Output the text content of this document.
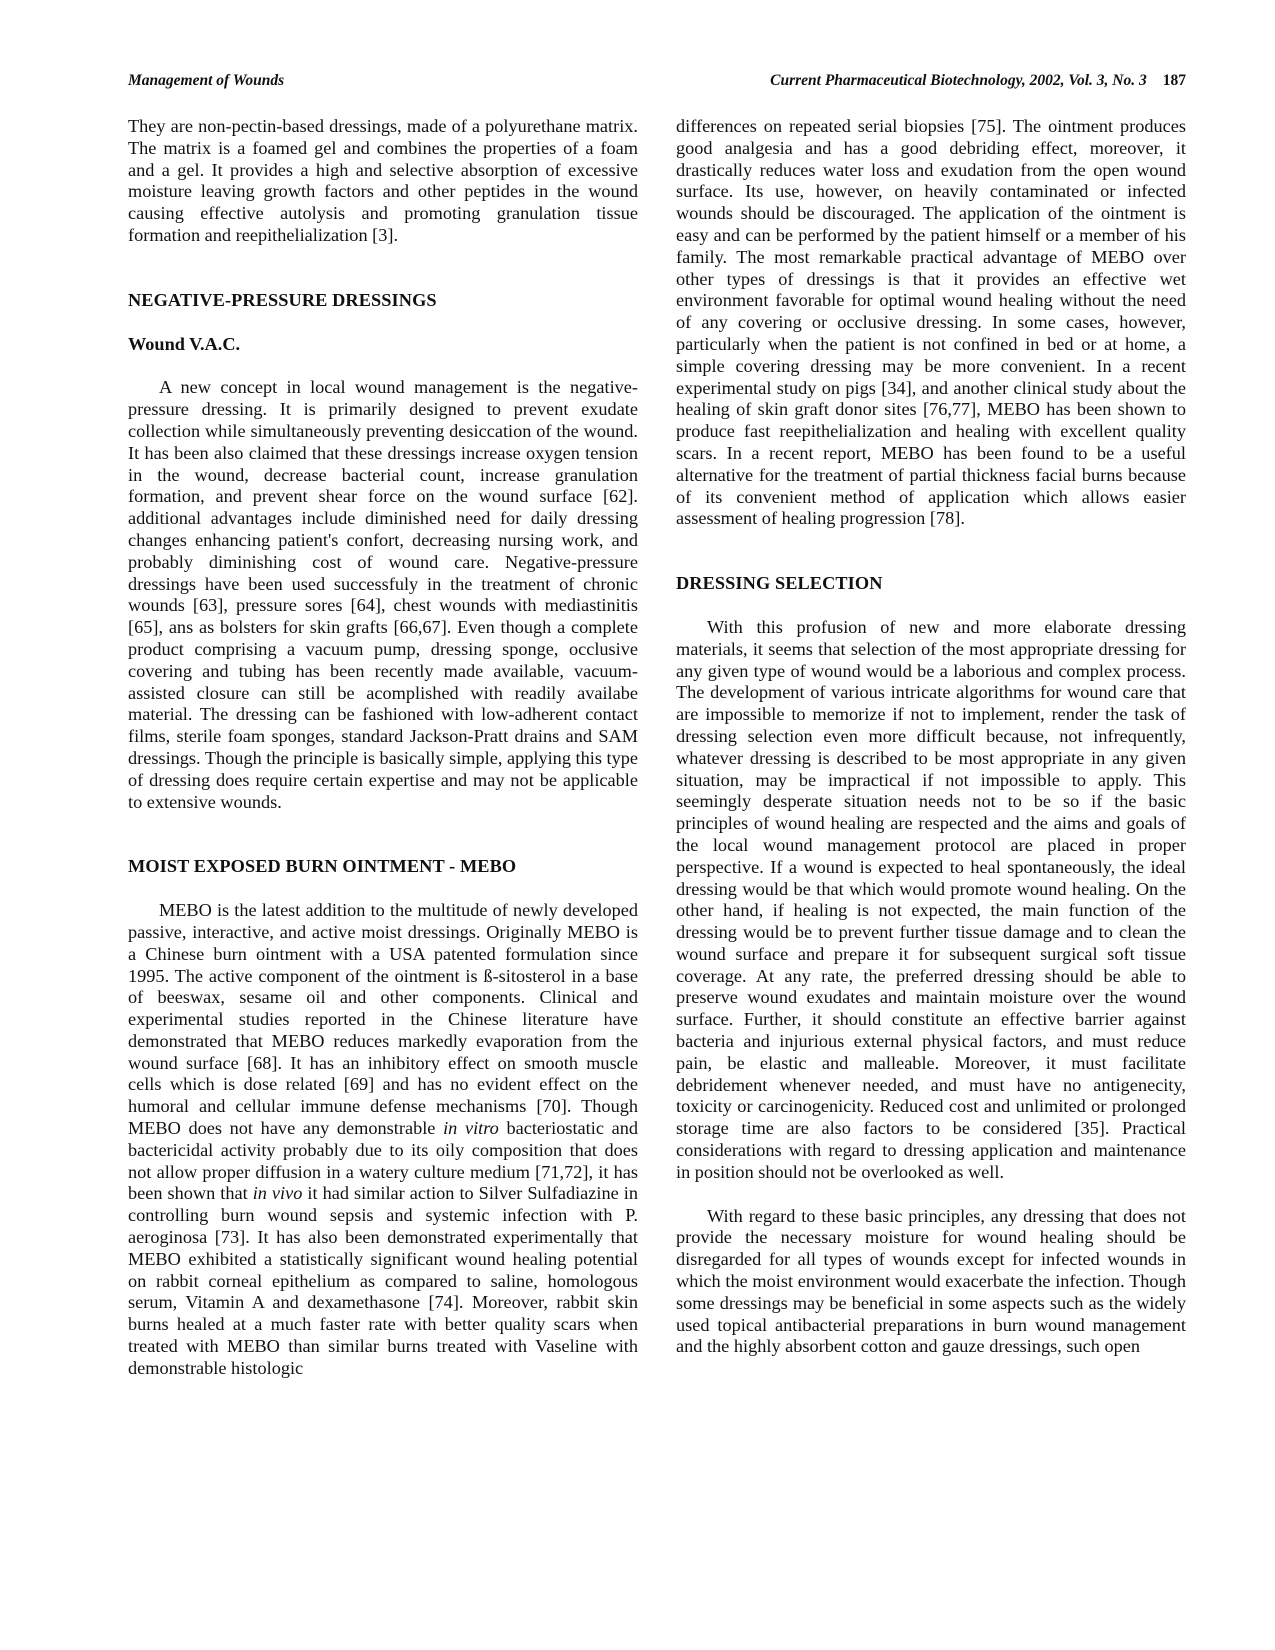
Management of Wounds	Current Pharmaceutical Biotechnology, 2002, Vol. 3, No. 3 187

They are non-pectin-based dressings, made of a polyurethane matrix. The matrix is a foamed gel and combines the properties of a foam and a gel. It provides a high and selective absorption of excessive moisture leaving growth factors and other peptides in the wound causing effective autolysis and promoting granulation tissue formation and reepithelialization [3].

NEGATIVE-PRESSURE DRESSINGS
Wound V.A.C.

A new concept in local wound management is the negative-pressure dressing. It is primarily designed to prevent exudate collection while simultaneously preventing desiccation of the wound. It has been also claimed that these dressings increase oxygen tension in the wound, decrease bacterial count, increase granulation formation, and prevent shear force on the wound surface [62]. additional advantages include diminished need for daily dressing changes enhancing patient's confort, decreasing nursing work, and probably diminishing cost of wound care. Negative-pressure dressings have been used successfuly in the treatment of chronic wounds [63], pressure sores [64], chest wounds with mediastinitis [65], ans as bolsters for skin grafts [66,67]. Even though a complete product comprising a vacuum pump, dressing sponge, occlusive covering and tubing has been recently made available, vacuum-assisted closure can still be acomplished with readily availabe material. The dressing can be fashioned with low-adherent contact films, sterile foam sponges, standard Jackson-Pratt drains and SAM dressings. Though the principle is basically simple, applying this type of dressing does require certain expertise and may not be applicable to extensive wounds.

MOIST EXPOSED BURN OINTMENT - MEBO

MEBO is the latest addition to the multitude of newly developed passive, interactive, and active moist dressings. Originally MEBO is a Chinese burn ointment with a USA patented formulation since 1995. The active component of the ointment is ß-sitosterol in a base of beeswax, sesame oil and other components. Clinical and experimental studies reported in the Chinese literature have demonstrated that MEBO reduces markedly evaporation from the wound surface [68]. It has an inhibitory effect on smooth muscle cells which is dose related [69] and has no evident effect on the humoral and cellular immune defense mechanisms [70]. Though MEBO does not have any demonstrable in vitro bacteriostatic and bactericidal activity probably due to its oily composition that does not allow proper diffusion in a watery culture medium [71,72], it has been shown that in vivo it had similar action to Silver Sulfadiazine in controlling burn wound sepsis and systemic infection with P. aeroginosa [73]. It has also been demonstrated experimentally that MEBO exhibited a statistically significant wound healing potential on rabbit corneal epithelium as compared to saline, homologous serum, Vitamin A and dexamethasone [74]. Moreover, rabbit skin burns healed at a much faster rate with better quality scars when treated with MEBO than similar burns treated with Vaseline with demonstrable histologic

differences on repeated serial biopsies [75]. The ointment produces good analgesia and has a good debriding effect, moreover, it drastically reduces water loss and exudation from the open wound surface. Its use, however, on heavily contaminated or infected wounds should be discouraged. The application of the ointment is easy and can be performed by the patient himself or a member of his family. The most remarkable practical advantage of MEBO over other types of dressings is that it provides an effective wet environment favorable for optimal wound healing without the need of any covering or occlusive dressing. In some cases, however, particularly when the patient is not confined in bed or at home, a simple covering dressing may be more convenient. In a recent experimental study on pigs [34], and another clinical study about the healing of skin graft donor sites [76,77], MEBO has been shown to produce fast reepithelialization and healing with excellent quality scars. In a recent report, MEBO has been found to be a useful alternative for the treatment of partial thickness facial burns because of its convenient method of application which allows easier assessment of healing progression [78].

DRESSING SELECTION

With this profusion of new and more elaborate dressing materials, it seems that selection of the most appropriate dressing for any given type of wound would be a laborious and complex process. The development of various intricate algorithms for wound care that are impossible to memorize if not to implement, render the task of dressing selection even more difficult because, not infrequently, whatever dressing is described to be most appropriate in any given situation, may be impractical if not impossible to apply. This seemingly desperate situation needs not to be so if the basic principles of wound healing are respected and the aims and goals of the local wound management protocol are placed in proper perspective. If a wound is expected to heal spontaneously, the ideal dressing would be that which would promote wound healing. On the other hand, if healing is not expected, the main function of the dressing would be to prevent further tissue damage and to clean the wound surface and prepare it for subsequent surgical soft tissue coverage. At any rate, the preferred dressing should be able to preserve wound exudates and maintain moisture over the wound surface. Further, it should constitute an effective barrier against bacteria and injurious external physical factors, and must reduce pain, be elastic and malleable. Moreover, it must facilitate debridement whenever needed, and must have no antigenecity, toxicity or carcinogenicity. Reduced cost and unlimited or prolonged storage time are also factors to be considered [35]. Practical considerations with regard to dressing application and maintenance in position should not be overlooked as well.

With regard to these basic principles, any dressing that does not provide the necessary moisture for wound healing should be disregarded for all types of wounds except for infected wounds in which the moist environment would exacerbate the infection. Though some dressings may be beneficial in some aspects such as the widely used topical antibacterial preparations in burn wound management and the highly absorbent cotton and gauze dressings, such open
